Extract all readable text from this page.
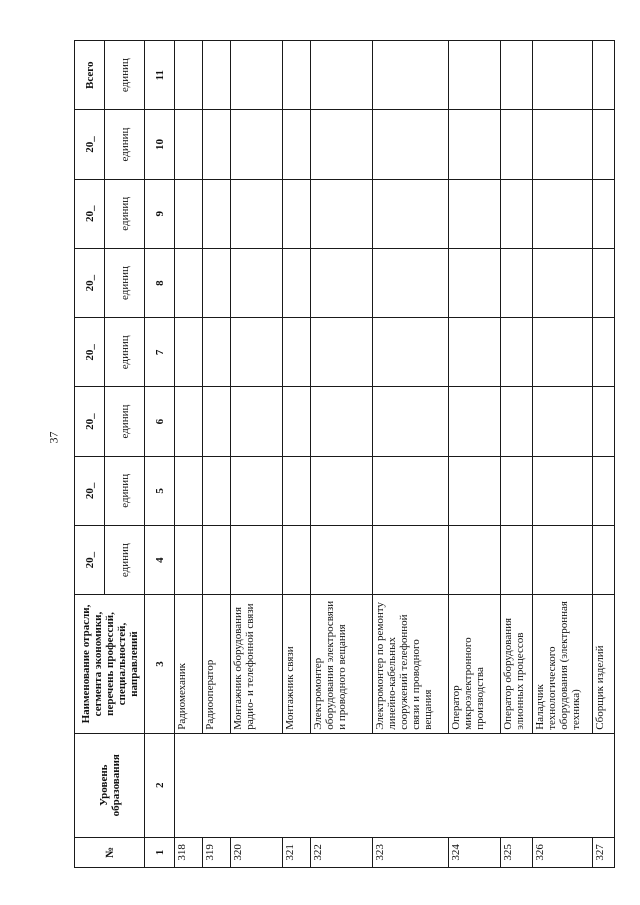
37
№	Уровень образования	Наименование отрасли, сегмента экономики, перечень профессий, специальностей, направлений	20_	20_	20_	20_	20_	20_	20_	Всего
			единиц	единиц	единиц	единиц	единиц	единиц	единиц	единиц
1	2	3	4	5	6	7	8	9	10	11
318		Радиомеханик								
319		Радиооператор								
320		Монтажник оборудования радио- и телефонной связи								
321		Монтажник связи								
322		Электромонтер оборудования электросвязи и проводного вещания								
323		Электромонтер по ремонту линейно-кабельных сооружений телефонной связи и проводного вещания								
324		Оператор микроэлектронного производства								
325		Оператор оборудования элионных процессов								
326		Наладчик технологического оборудования (электронная техника)								
327		Сборщик изделий								
